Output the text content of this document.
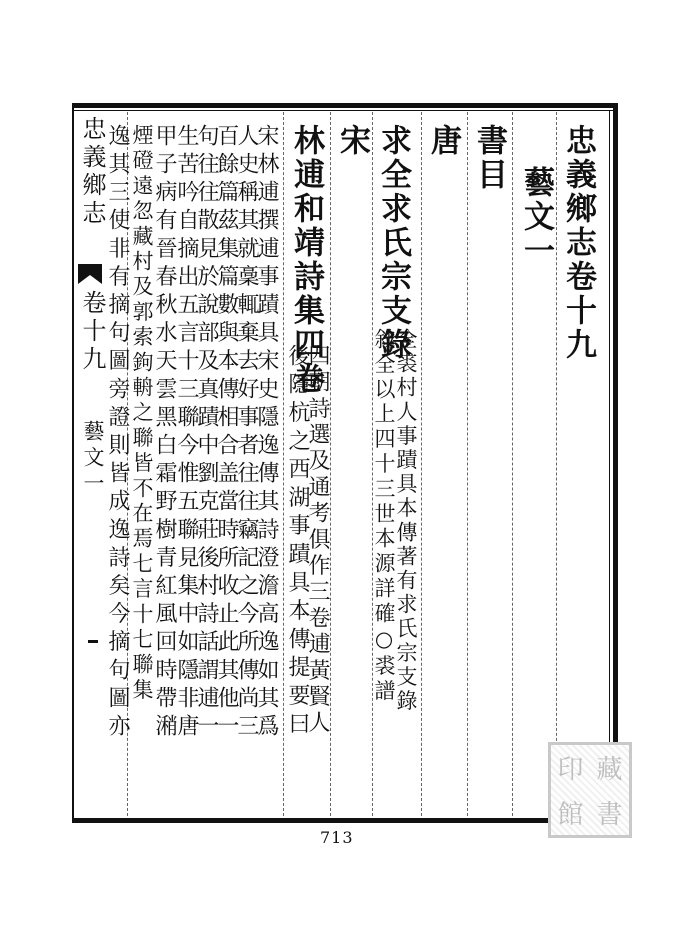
忠義鄉志卷十九
藝文一
書目
唐
求全求氏宗支錄
全裘村人事蹟具本傳著有求氏宗支錄
敍全以上四十三世本源詳確○裘譜
宋
林逋和靖詩集四卷
四朝詩選及通考俱作三卷逋黃賢人
後隱杭之西湖事蹟具本傳提要曰
宋林逋撰逋事蹟具宋史隱逸傳其詩澄澹高逸如其爲
人史稱其就稾輒棄去好事者往往竊記之今所傳尚三
百餘篇茲集篇數與本傳相合盖當時所收止此其他一
句往往散見於說部及真蹟中劉克莊後村詩話謂逋一
生苦吟自摘出五言十三聯今惟五聯見集中如隱非唐
甲子病有晉春秋水天雲黑白霜野樹青紅風回時帶潲
煙磴遠忽藏村及郭索鉤輈之聯皆不在焉七言十七聯集
逸其三使非有摘句圖旁證則皆成逸詩矣今摘句圖亦
忠義鄉志
卷十九
藝文一
713
印 藏
館 書
